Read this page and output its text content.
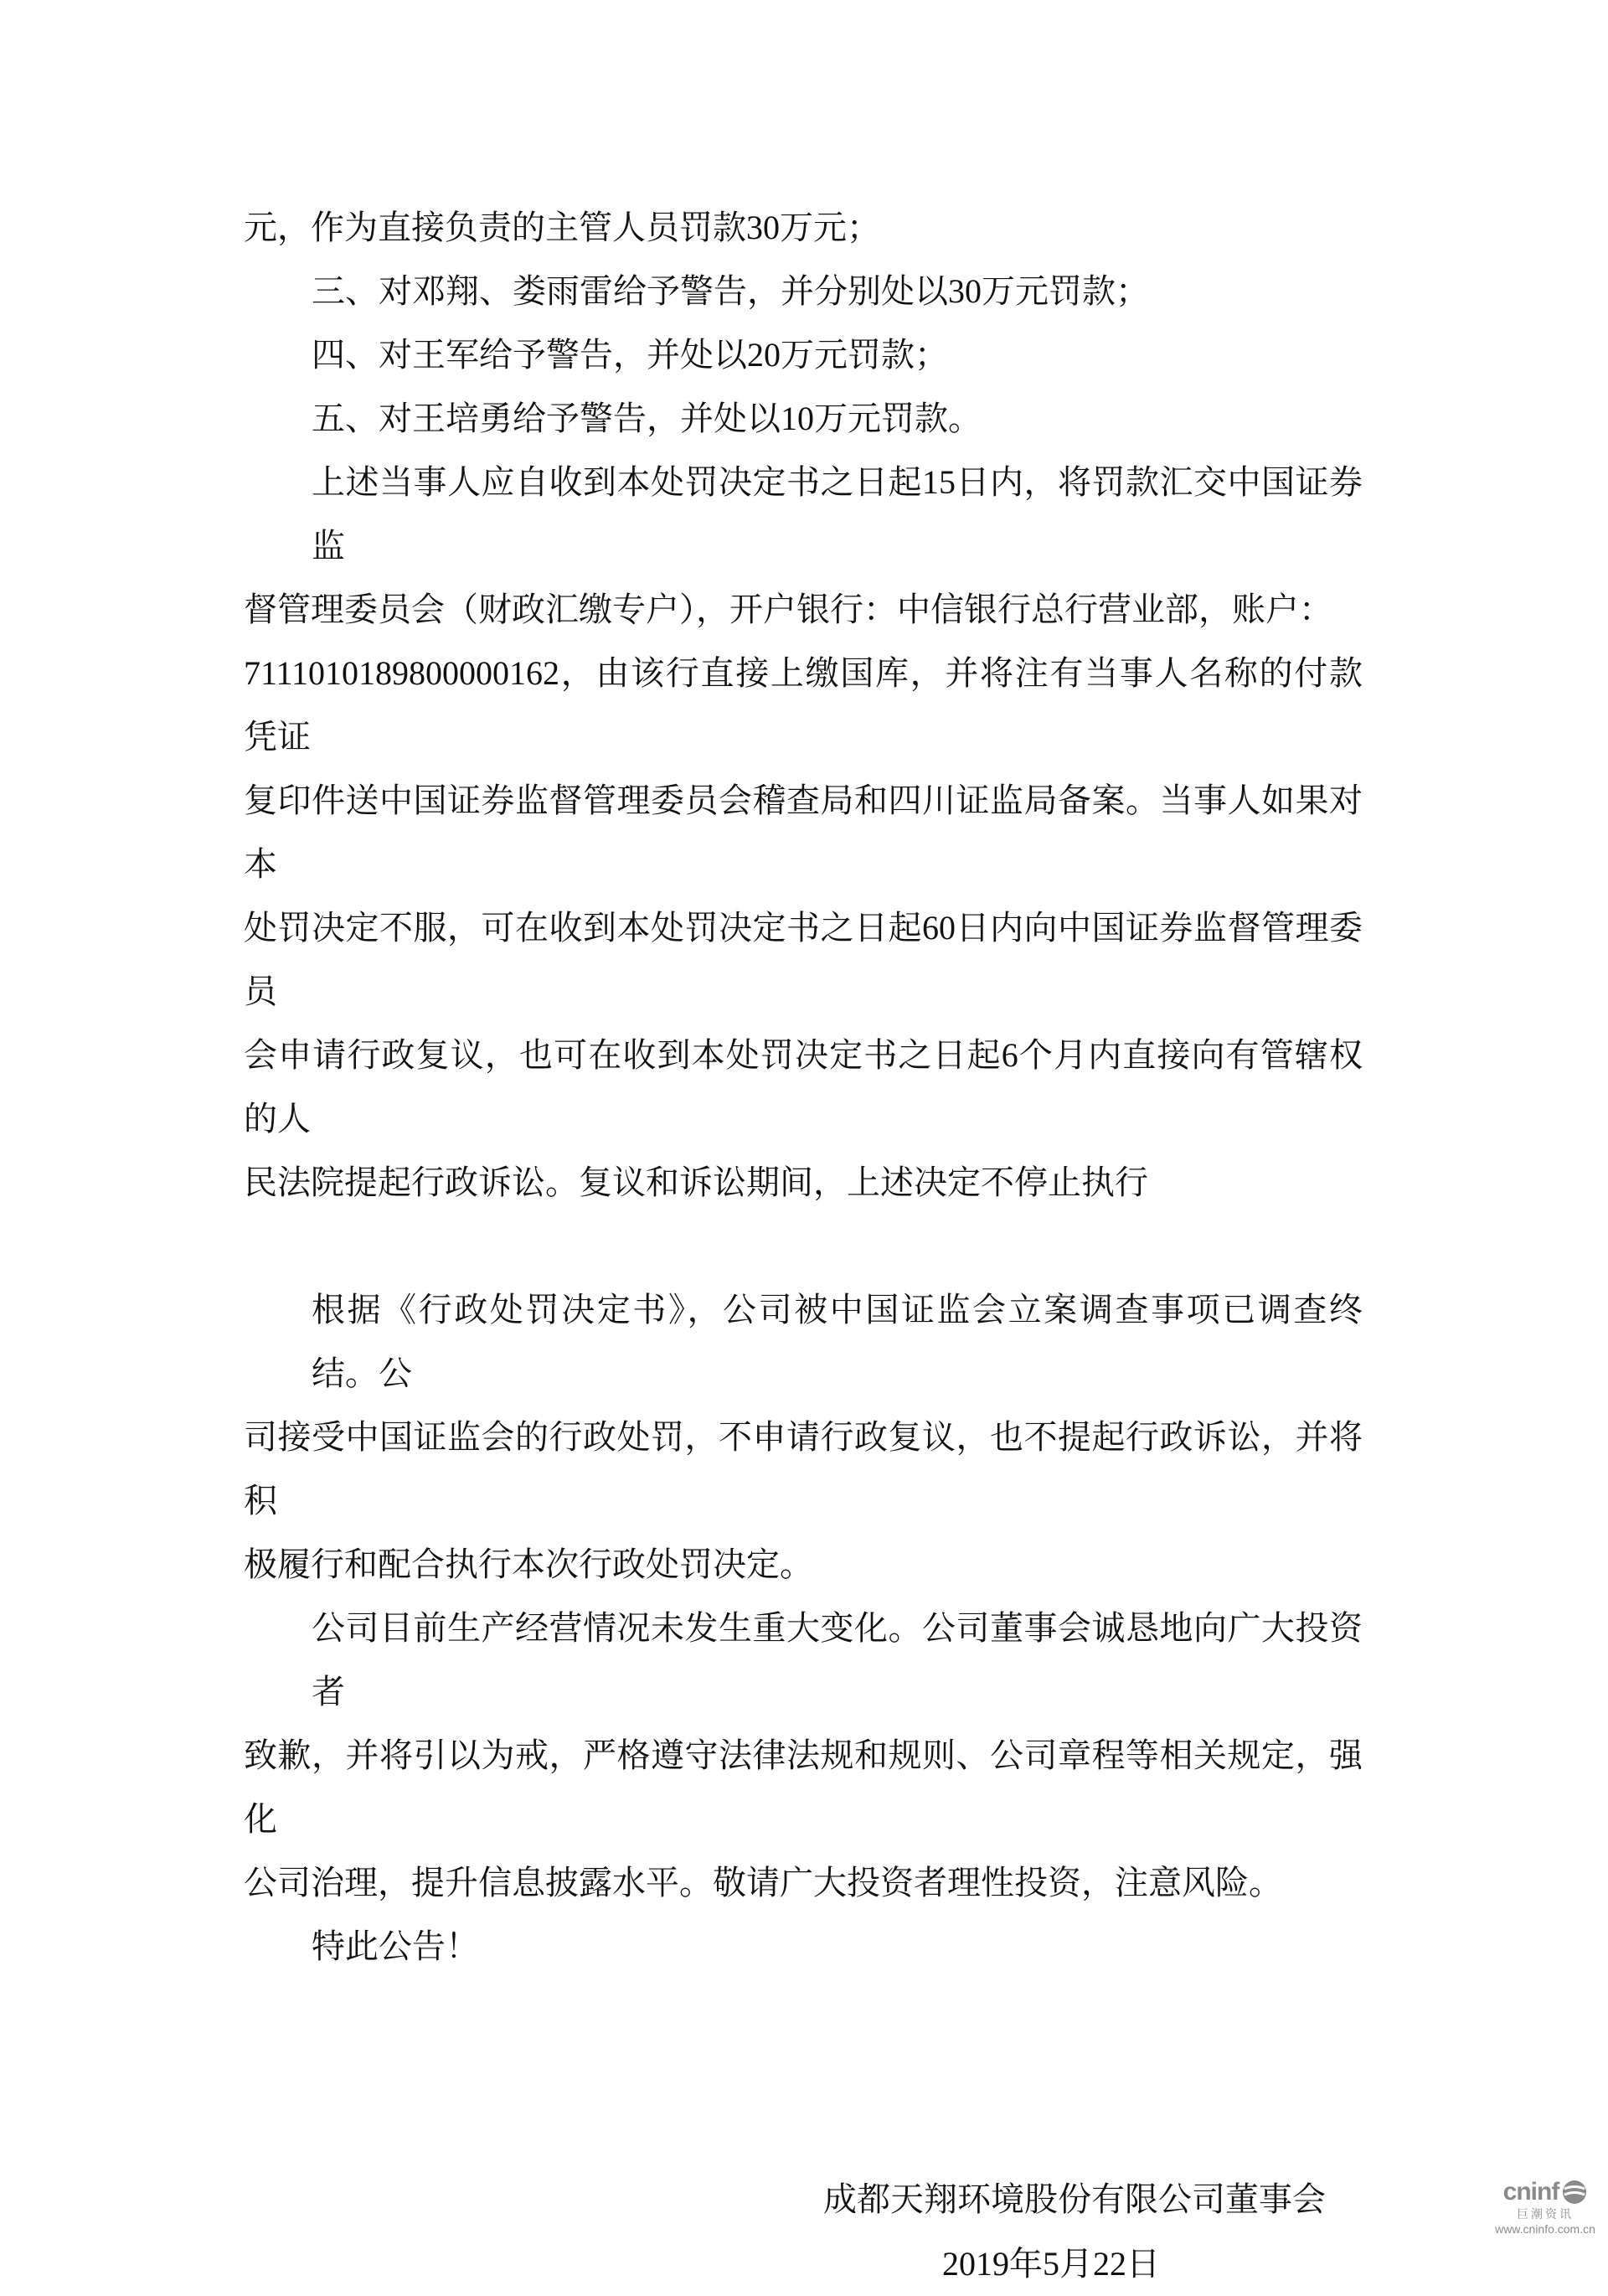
元，作为直接负责的主管人员罚款30万元；
三、对邓翔、娄雨雷给予警告，并分别处以30万元罚款；
四、对王军给予警告，并处以20万元罚款；
五、对王培勇给予警告，并处以10万元罚款。
上述当事人应自收到本处罚决定书之日起15日内，将罚款汇交中国证券监
督管理委员会（财政汇缴专户），开户银行：中信银行总行营业部，账户：
7111010189800000162，由该行直接上缴国库，并将注有当事人名称的付款凭证
复印件送中国证券监督管理委员会稽查局和四川证监局备案。当事人如果对本
处罚决定不服，可在收到本处罚决定书之日起60日内向中国证券监督管理委员
会申请行政复议，也可在收到本处罚决定书之日起6个月内直接向有管辖权的人
民法院提起行政诉讼。复议和诉讼期间，上述决定不停止执行
根据《行政处罚决定书》，公司被中国证监会立案调查事项已调查终结。公
司接受中国证监会的行政处罚，不申请行政复议，也不提起行政诉讼，并将积
极履行和配合执行本次行政处罚决定。
公司目前生产经营情况未发生重大变化。公司董事会诚恳地向广大投资者
致歉，并将引以为戒，严格遵守法律法规和规则、公司章程等相关规定，强化
公司治理，提升信息披露水平。敬请广大投资者理性投资，注意风险。
特此公告！
成都天翔环境股份有限公司董事会
2019年5月22日
cninf
巨潮资讯
www.cninfo.com.cn
